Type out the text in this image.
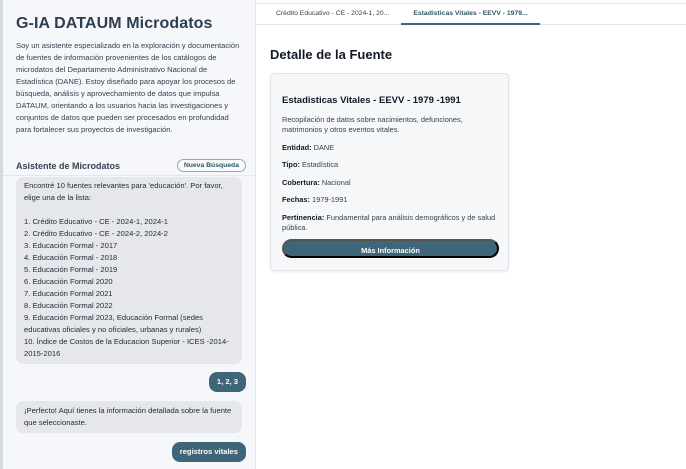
G-IA DATAUM Microdatos

Soy un asistente especializado en la exploración y documentación de fuentes de información provenientes de los catálogos de microdatos del Departamento Administrativo Nacional de Estadística (DANE). Estoy diseñado para apoyar los procesos de búsqueda, análisis y aprovechamiento de datos que impulsa DATAUM, orientando a los usuarios hacia las investigaciones y conjuntos de datos que pueden ser procesados en profundidad para fortalecer sus proyectos de investigación.

Asistente de Microdatos	Nueva Búsqueda
Encontré 10 fuentes relevantes para 'educación'. Por favor, elige una de la lista:
1. Crédito Educativo - CE - 2024-1, 2024-1
2. Crédito Educativo - CE - 2024-2, 2024-2
3. Educación Formal - 2017
4. Educación Formal - 2018
5. Educación Formal - 2019
6. Educación Formal 2020
7. Educación Formal 2021
8. Educación Formal 2022
9. Educación Formal 2023, Educación Formal (sedes educativas oficiales y no oficiales, urbanas y rurales)
10. Índice de Costos de la Educacion Superior - ICES -2014-2015-2016
1, 2, 3
¡Perfecto! Aquí tienes la información detallada sobre la fuente que seleccionaste.
registros vitales
Crédito Educativo - CE - 2024-1, 20...	Estadisticas Vitales - EEVV - 1979...
Detalle de la Fuente
Estadisticas Vitales - EEVV - 1979 -1991
Recopilación de datos sobre nacimientos, defunciones, matrimonios y otros eventos vitales.
Entidad: DANE
Tipo: Estadística
Cobertura: Nacional
Fechas: 1979-1991
Pertinencia: Fundamental para análisis demográficos y de salud pública.
Más Información
